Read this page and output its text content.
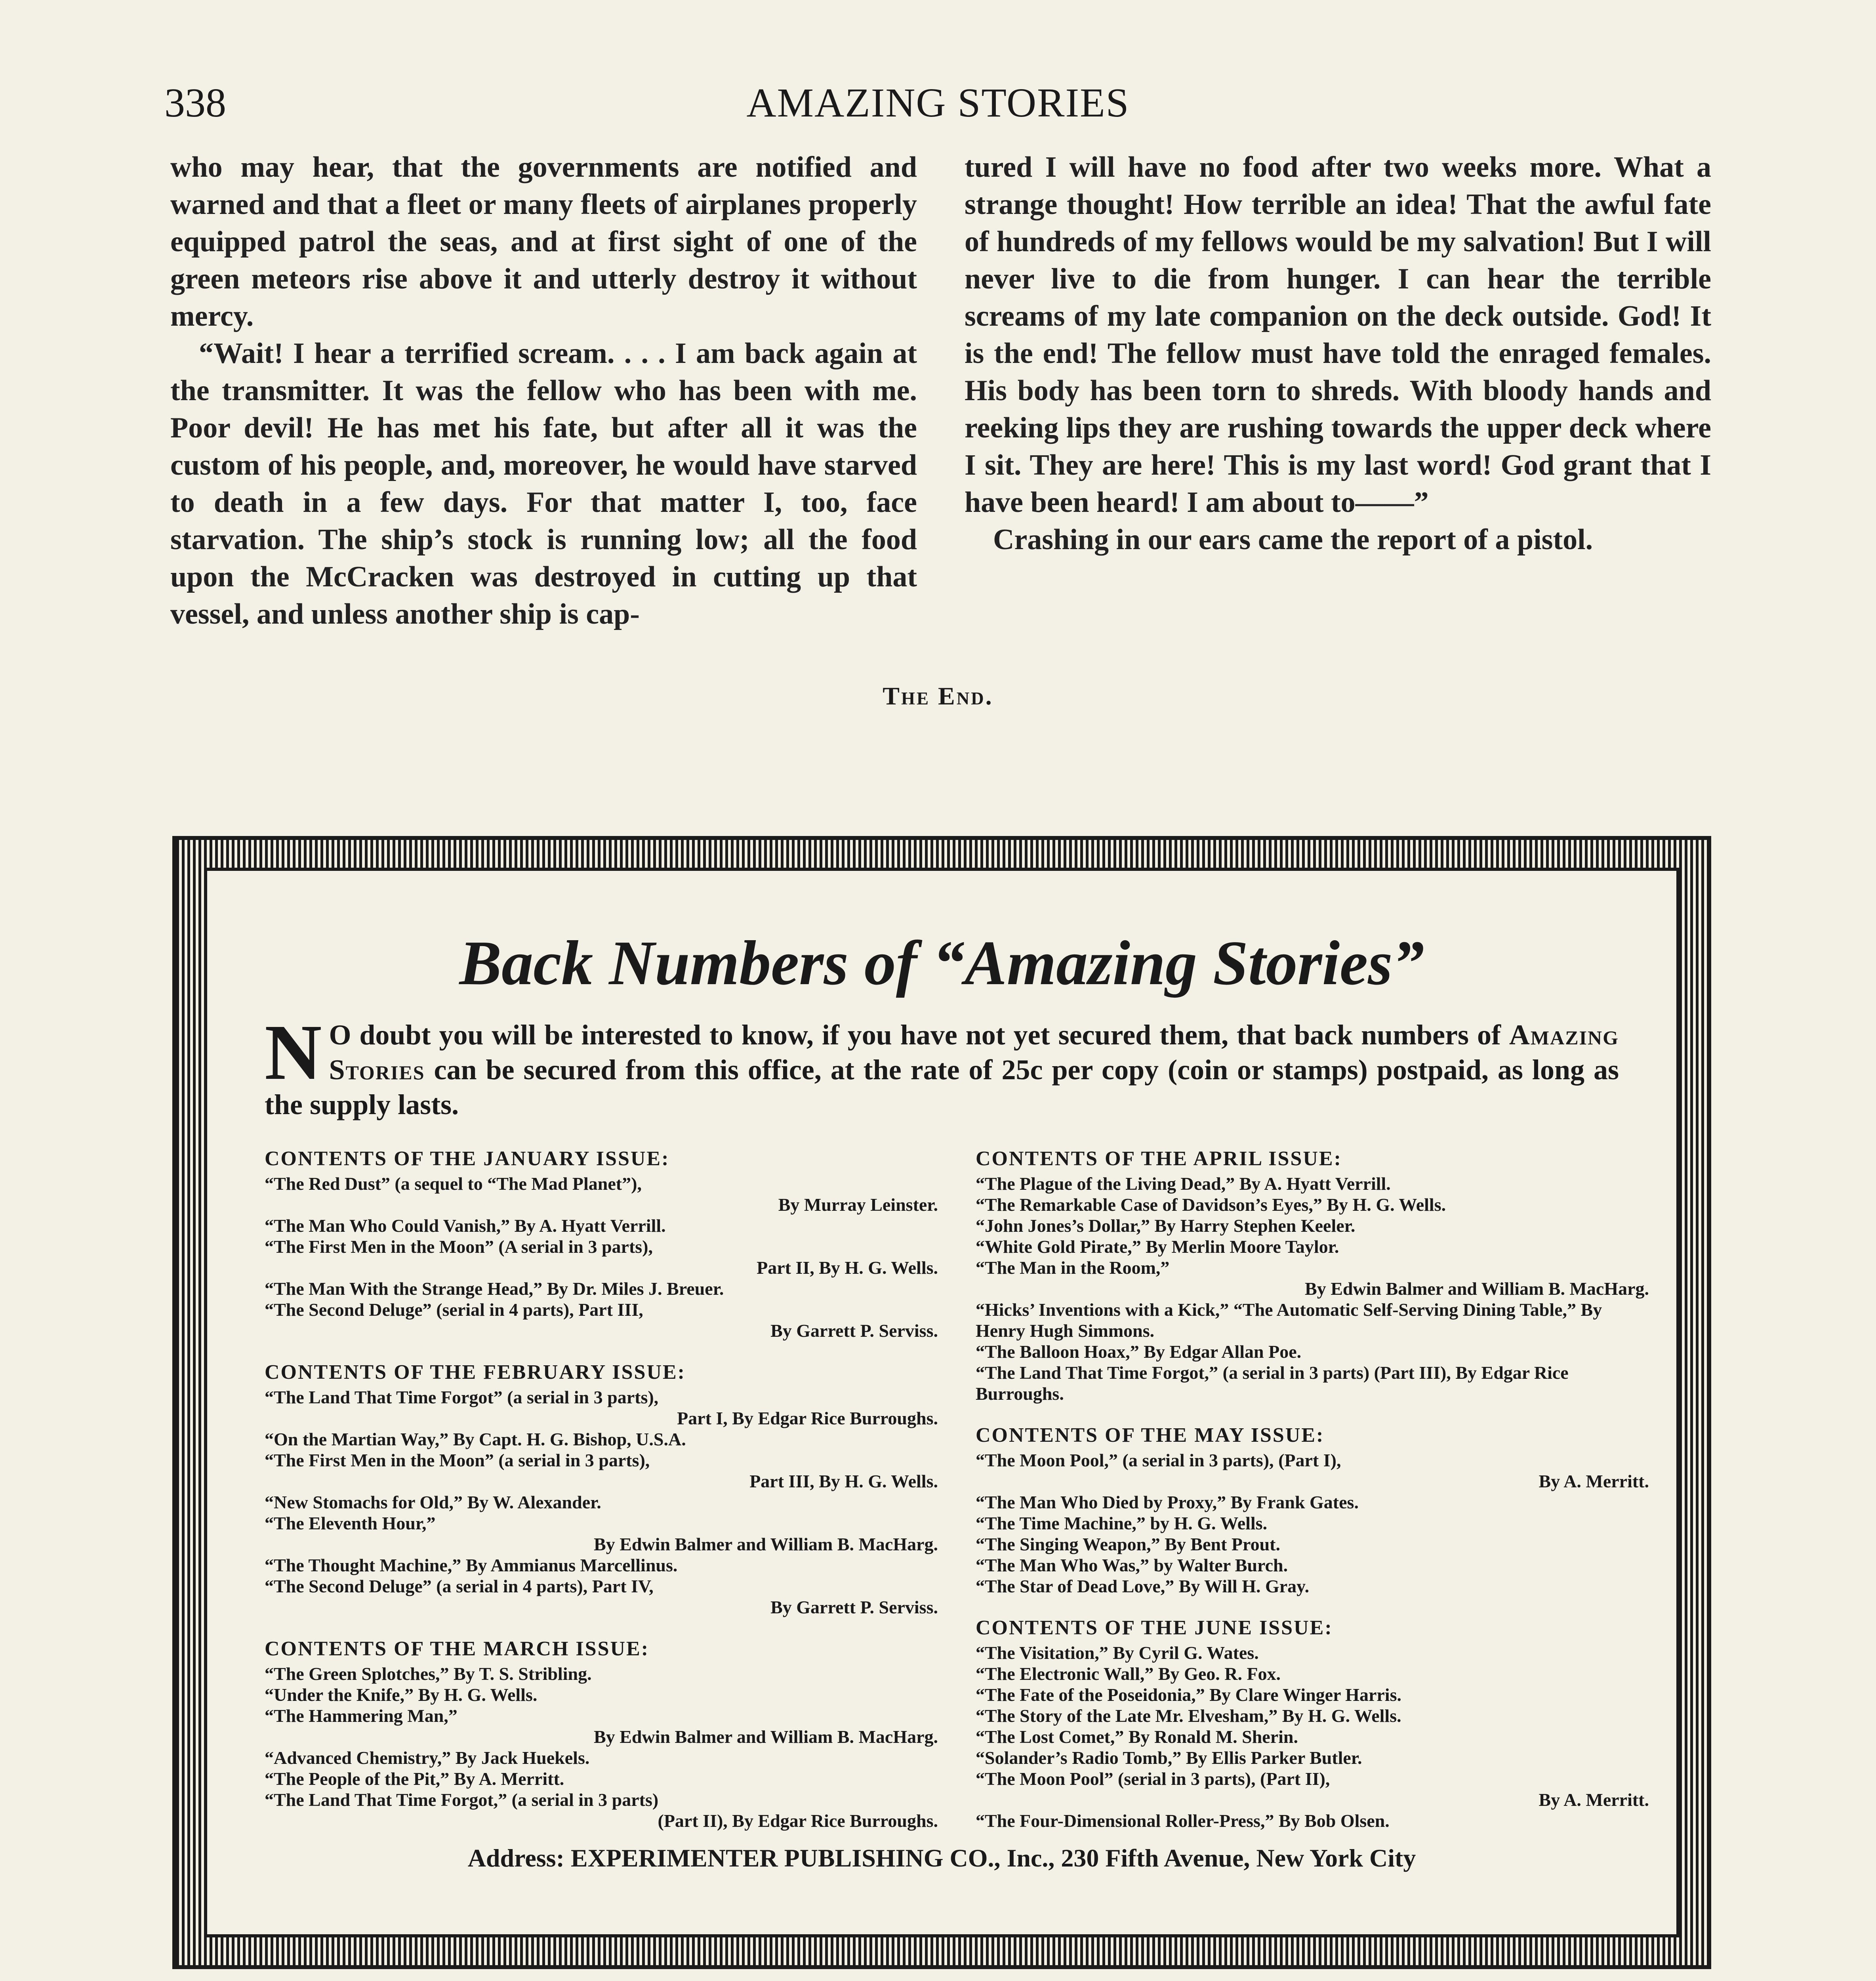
338	AMAZING STORIES

who may hear, that the governments are notified and warned and that a fleet or many fleets of airplanes properly equipped patrol the seas, and at first sight of one of the green meteors rise above it and utterly destroy it without mercy.

“Wait! I hear a terrified scream. . . . I am back again at the transmitter. It was the fellow who has been with me. Poor devil! He has met his fate, but after all it was the custom of his people, and, moreover, he would have starved to death in a few days. For that matter I, too, face starvation. The ship’s stock is running low; all the food upon the McCracken was destroyed in cutting up that vessel, and unless another ship is cap-

tured I will have no food after two weeks more. What a strange thought! How terrible an idea! That the awful fate of hundreds of my fellows would be my salvation! But I will never live to die from hunger. I can hear the terrible screams of my late companion on the deck outside. God! It is the end! The fellow must have told the enraged females. His body has been torn to shreds. With bloody hands and reeking lips they are rushing towards the upper deck where I sit. They are here! This is my last word! God grant that I have been heard! I am about to——”

Crashing in our ears came the report of a pistol.

The End.
Back Numbers of “Amazing Stories”
N O doubt you will be interested to know, if you have not yet secured them, that back numbers of Amazing Stories can be secured from this office, at the rate of 25c per copy (coin or stamps) postpaid, as long as the supply lasts.
CONTENTS OF THE JANUARY ISSUE:
“The Red Dust” (a sequel to “The Mad Planet”),
By Murray Leinster.
“The Man Who Could Vanish,” By A. Hyatt Verrill.
“The First Men in the Moon” (A serial in 3 parts),
Part II, By H. G. Wells.
“The Man With the Strange Head,” By Dr. Miles J. Breuer.
“The Second Deluge” (serial in 4 parts), Part III,
By Garrett P. Serviss.
CONTENTS OF THE FEBRUARY ISSUE:
“The Land That Time Forgot” (a serial in 3 parts),
Part I, By Edgar Rice Burroughs.
“On the Martian Way,” By Capt. H. G. Bishop, U.S.A.
“The First Men in the Moon” (a serial in 3 parts),
Part III, By H. G. Wells.
“New Stomachs for Old,” By W. Alexander.
“The Eleventh Hour,”
By Edwin Balmer and William B. MacHarg.
“The Thought Machine,” By Ammianus Marcellinus.
“The Second Deluge” (a serial in 4 parts), Part IV,
By Garrett P. Serviss.
CONTENTS OF THE MARCH ISSUE:
“The Green Splotches,” By T. S. Stribling.
“Under the Knife,” By H. G. Wells.
“The Hammering Man,”
By Edwin Balmer and William B. MacHarg.
“Advanced Chemistry,” By Jack Huekels.
“The People of the Pit,” By A. Merritt.
“The Land That Time Forgot,” (a serial in 3 parts)
(Part II), By Edgar Rice Burroughs.
CONTENTS OF THE APRIL ISSUE:
“The Plague of the Living Dead,” By A. Hyatt Verrill.
“The Remarkable Case of Davidson’s Eyes,” By H. G. Wells.
“John Jones’s Dollar,” By Harry Stephen Keeler.
“White Gold Pirate,” By Merlin Moore Taylor.
“The Man in the Room,”
By Edwin Balmer and William B. MacHarg.
“Hicks’ Inventions with a Kick,” “The Automatic Self-Serving Dining Table,” By Henry Hugh Simmons.
“The Balloon Hoax,” By Edgar Allan Poe.
“The Land That Time Forgot,” (a serial in 3 parts) (Part III), By Edgar Rice Burroughs.
CONTENTS OF THE MAY ISSUE:
“The Moon Pool,” (a serial in 3 parts), (Part I),
By A. Merritt.
“The Man Who Died by Proxy,” By Frank Gates.
“The Time Machine,” by H. G. Wells.
“The Singing Weapon,” By Bent Prout.
“The Man Who Was,” by Walter Burch.
“The Star of Dead Love,” By Will H. Gray.
CONTENTS OF THE JUNE ISSUE:
“The Visitation,” By Cyril G. Wates.
“The Electronic Wall,” By Geo. R. Fox.
“The Fate of the Poseidonia,” By Clare Winger Harris.
“The Story of the Late Mr. Elvesham,” By H. G. Wells.
“The Lost Comet,” By Ronald M. Sherin.
“Solander’s Radio Tomb,” By Ellis Parker Butler.
“The Moon Pool” (serial in 3 parts), (Part II),
By A. Merritt.
“The Four-Dimensional Roller-Press,” By Bob Olsen.
Address: EXPERIMENTER PUBLISHING CO., Inc., 230 Fifth Avenue, New York City
